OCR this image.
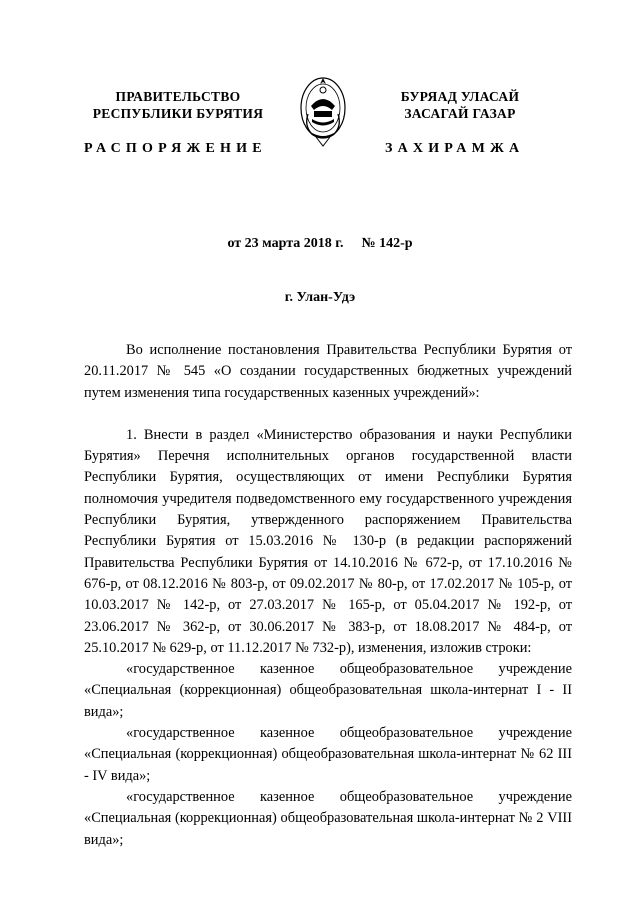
ПРАВИТЕЛЬСТВО
РЕСПУБЛИКИ БУРЯТИЯ
БУРЯАД УЛАСАЙ
ЗАСАГАЙ ГАЗАР
РАСПОРЯЖЕНИЕ	ЗАХИРАМЖА
от 23 марта 2018 г. № 142-р
г. Улан-Удэ

Во исполнение постановления Правительства Республики Бурятия от 20.11.2017 № 545 «О создании государственных бюджетных учреждений путем изменения типа государственных казенных учреждений»:

1. Внести в раздел «Министерство образования и науки Республики Бурятия» Перечня исполнительных органов государственной власти Республики Бурятия, осуществляющих от имени Республики Бурятия полномочия учредителя подведомственного ему государственного учреждения Республики Бурятия, утвержденного распоряжением Правительства Республики Бурятия от 15.03.2016 № 130-р (в редакции распоряжений Правительства Республики Бурятия от 14.10.2016 № 672-р, от 17.10.2016 № 676-р, от 08.12.2016 № 803-р, от 09.02.2017 № 80-р, от 17.02.2017 № 105-р, от 10.03.2017 № 142-р, от 27.03.2017 № 165-р, от 05.04.2017 № 192-р, от 23.06.2017 № 362-р, от 30.06.2017 № 383-р, от 18.08.2017 № 484-р, от 25.10.2017 № 629-р, от 11.12.2017 № 732-р), изменения, изложив строки:

«государственное казенное общеобразовательное учреждение «Специальная (коррекционная) общеобразовательная школа-интернат I - II вида»;

«государственное казенное общеобразовательное учреждение «Специальная (коррекционная) общеобразовательная школа-интернат № 62 III - IV вида»;

«государственное казенное общеобразовательное учреждение «Специальная (коррекционная) общеобразовательная школа-интернат № 2 VIII вида»;
